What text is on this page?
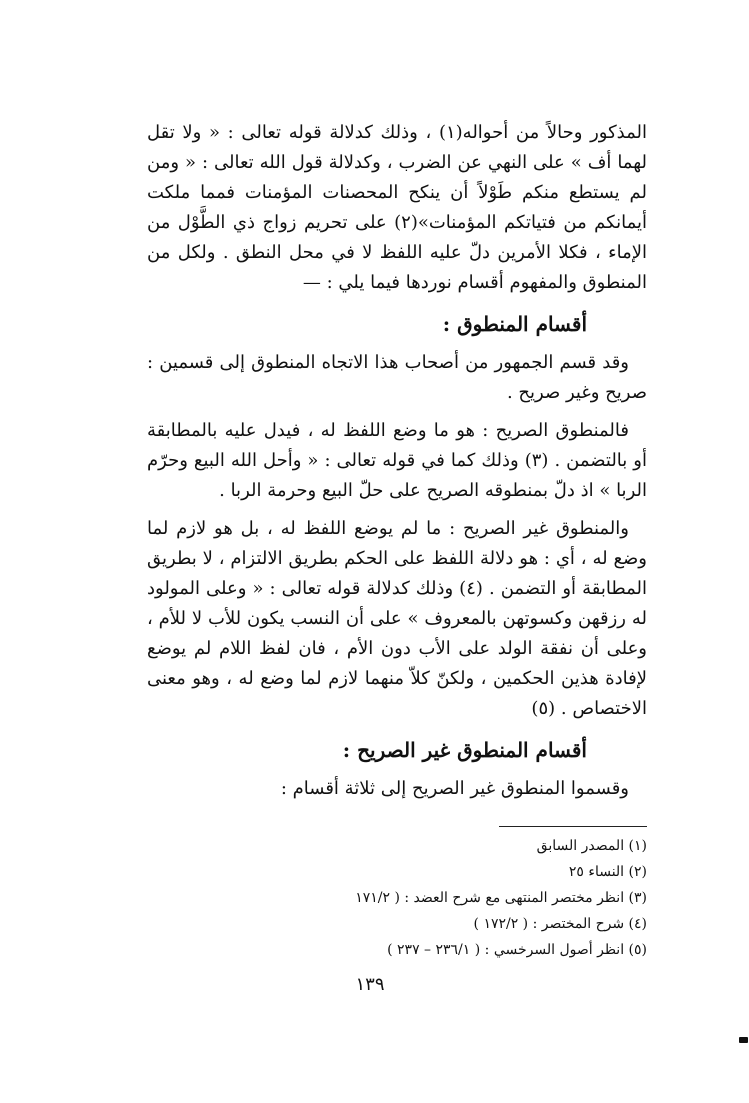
المذكور وحالاً من أحواله(١) ، وذلك كدلالة قوله تعالى : « ولا تقل لهما أف » على النهي عن الضرب ، وكدلالة قول الله تعالى : « ومن لم يستطع منكم طَوْلاً أن ينكح المحصنات المؤمنات فمما ملكت أيمانكم من فتياتكم المؤمنات»(٢) على تحريم زواج ذي الطَّوْل من الإماء ، فكلا الأمرين دلّ عليه اللفظ لا في محل النطق . ولكل من المنطوق والمفهوم أقسام نوردها فيما يلي : —

أقسام المنطوق :

وقد قسم الجمهور من أصحاب هذا الاتجاه المنطوق إلى قسمين : صريح وغير صريح .

فالمنطوق الصريح : هو ما وضع اللفظ له ، فيدل عليه بالمطابقة أو بالتضمن . (٣) وذلك كما في قوله تعالى : « وأحل الله البيع وحرّم الربا » اذ دلّ بمنطوقه الصريح على حلّ البيع وحرمة الربا .

والمنطوق غير الصريح : ما لم يوضع اللفظ له ، بل هو لازم لما وضع له ، أي : هو دلالة اللفظ على الحكم بطريق الالتزام ، لا بطريق المطابقة أو التضمن . (٤) وذلك كدلالة قوله تعالى : « وعلى المولود له رزقهن وكسوتهن بالمعروف » على أن النسب يكون للأب لا للأم ، وعلى أن نفقة الولد على الأب دون الأم ، فان لفظ اللام لم يوضع لإفادة هذين الحكمين ، ولكنّ كلاّ منهما لازم لما وضع له ، وهو معنى الاختصاص . (٥)

أقسام المنطوق غير الصريح :

وقسموا المنطوق غير الصريح إلى ثلاثة أقسام :

(١) المصدر السابق

(٢) النساء ٢٥

(٣) انظر مختصر المنتهى مع شرح العضد : ( ١٧١/٢

(٤) شرح المختصر : ( ١٧٢/٢ )

(٥) انظر أصول السرخسي : ( ٢٣٦/١ – ٢٣٧ )

١٣٩
